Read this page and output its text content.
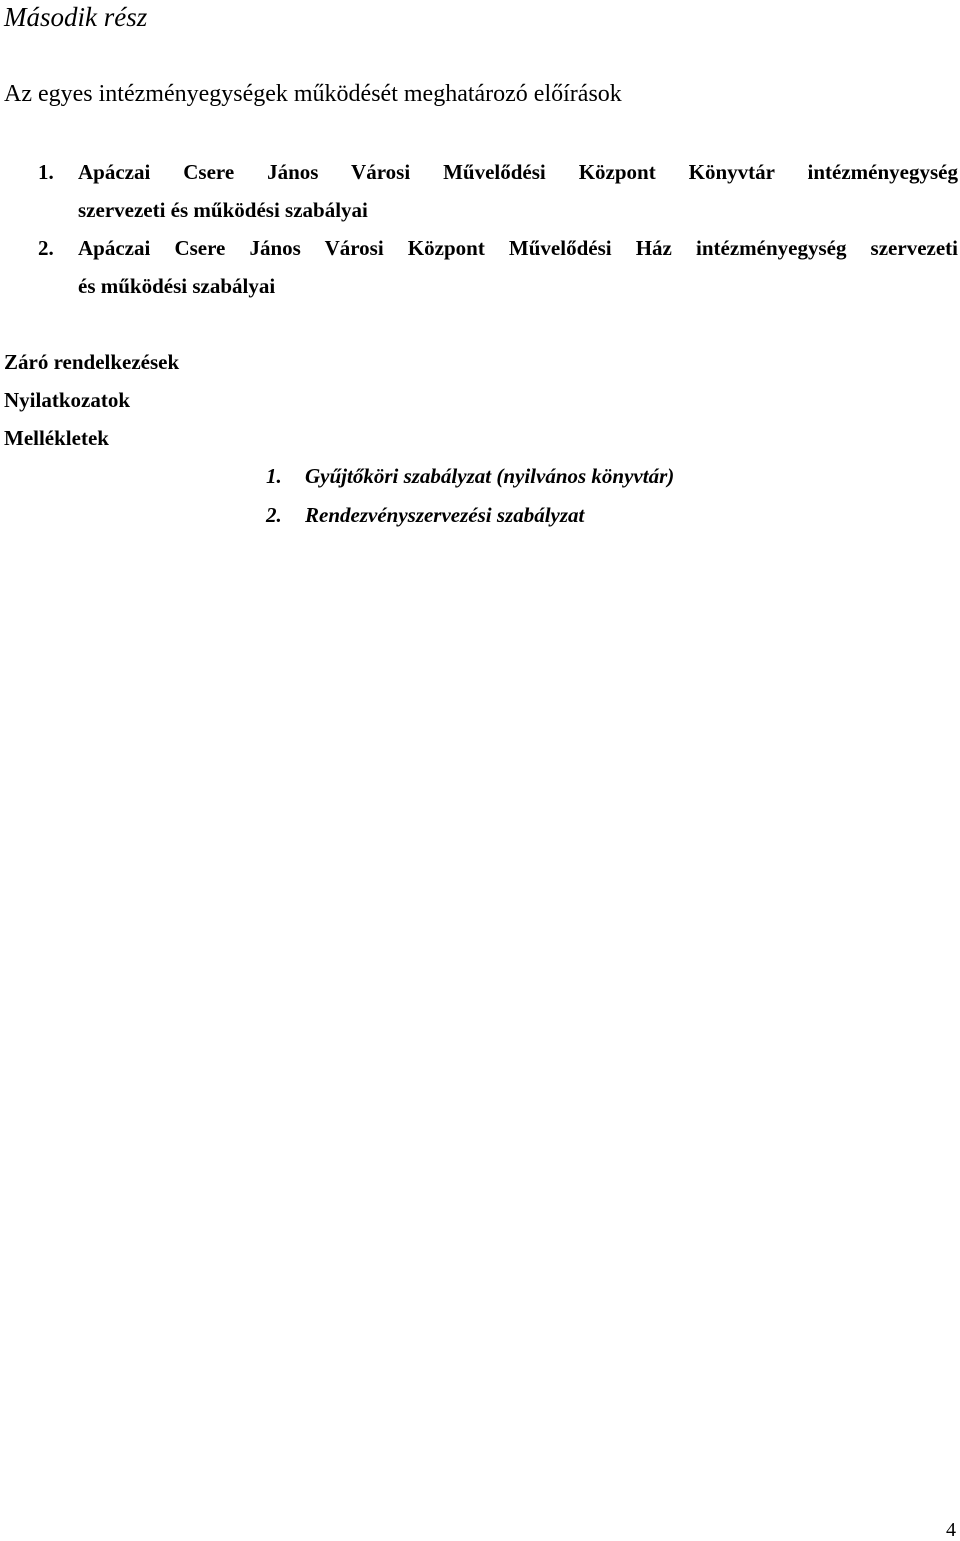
Második rész
Az egyes intézményegységek működését meghatározó előírások
1. Apáczai Csere János Városi Művelődési Központ Könyvtár intézményegység
szervezeti és működési szabályai
2. Apáczai Csere János Városi Központ Művelődési Ház intézményegység szervezeti
és működési szabályai
Záró rendelkezések
Nyilatkozatok
Mellékletek
1. Gyűjtőköri szabályzat (nyilvános könyvtár)
2. Rendezvényszervezési szabályzat
4
